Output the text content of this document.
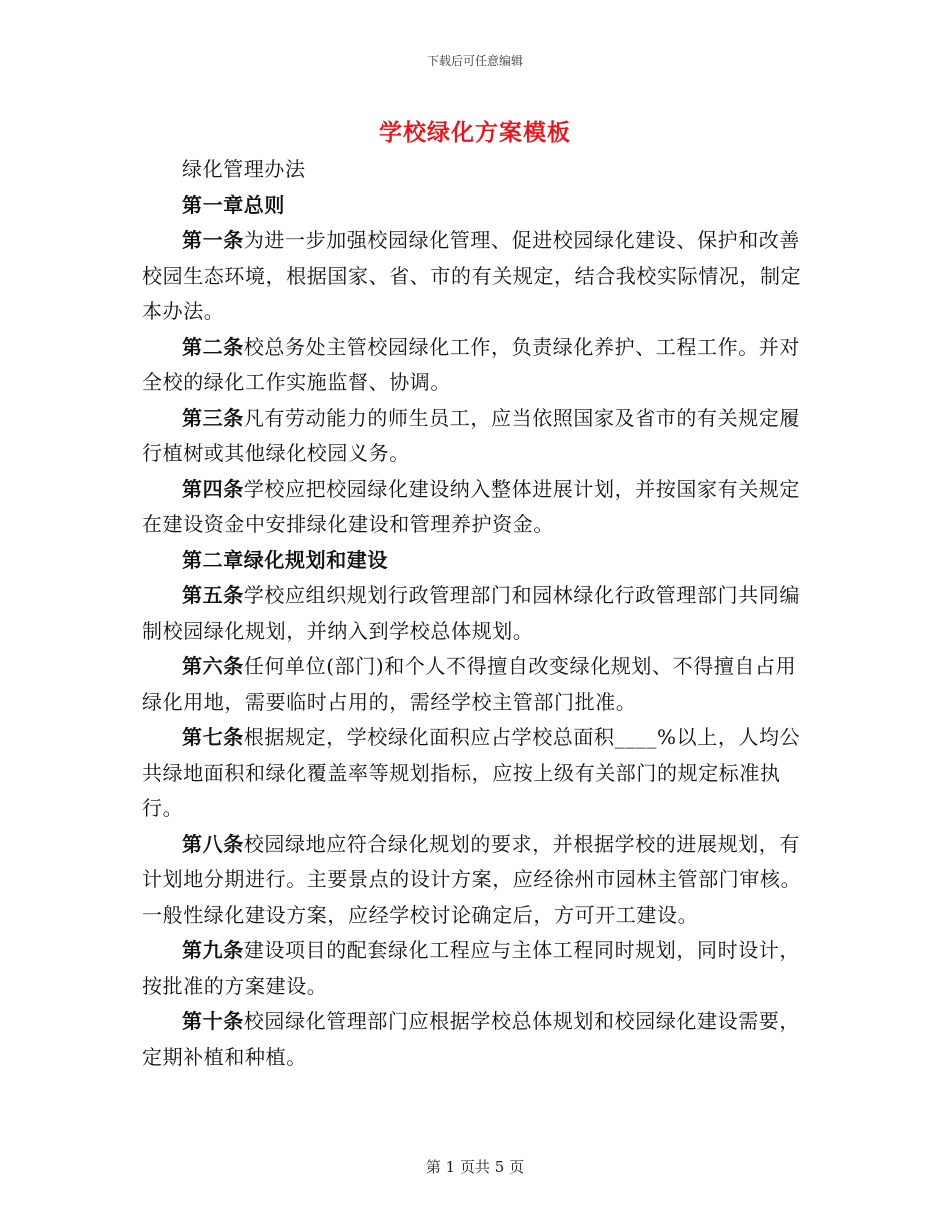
下载后可任意编辑
学校绿化方案模板

绿化管理办法

第一章总则

第一条为进一步加强校园绿化管理、促进校园绿化建设、保护和改善校园生态环境，根据国家、省、市的有关规定，结合我校实际情况，制定本办法。

第二条校总务处主管校园绿化工作，负责绿化养护、工程工作。并对全校的绿化工作实施监督、协调。

第三条凡有劳动能力的师生员工，应当依照国家及省市的有关规定履行植树或其他绿化校园义务。

第四条学校应把校园绿化建设纳入整体进展计划，并按国家有关规定在建设资金中安排绿化建设和管理养护资金。

第二章绿化规划和建设

第五条学校应组织规划行政管理部门和园林绿化行政管理部门共同编制校园绿化规划，并纳入到学校总体规划。

第六条任何单位(部门)和个人不得擅自改变绿化规划、不得擅自占用绿化用地，需要临时占用的，需经学校主管部门批准。

第七条根据规定，学校绿化面积应占学校总面积____%以上，人均公共绿地面积和绿化覆盖率等规划指标，应按上级有关部门的规定标准执行。

第八条校园绿地应符合绿化规划的要求，并根据学校的进展规划，有计划地分期进行。主要景点的设计方案，应经徐州市园林主管部门审核。一般性绿化建设方案，应经学校讨论确定后，方可开工建设。

第九条建设项目的配套绿化工程应与主体工程同时规划，同时设计，按批准的方案建设。

第十条校园绿化管理部门应根据学校总体规划和校园绿化建设需要，定期补植和种植。

第 1 页共 5 页
